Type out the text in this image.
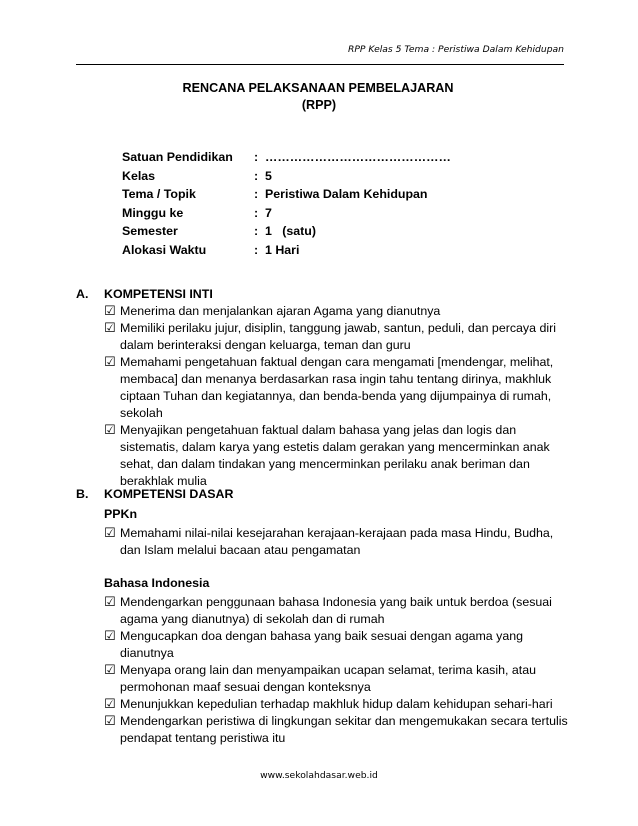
RPP Kelas 5 Tema : Peristiwa Dalam Kehidupan
RENCANA PELAKSANAAN PEMBELAJARAN
(RPP)
Satuan Pendidikan	: ………………………………………
Kelas	: 5
Tema / Topik	: Peristiwa Dalam Kehidupan
Minggu ke	: 7
Semester	: 1   (satu)
Alokasi Waktu	: 1 Hari
A. KOMPETENSI INTI
☑ Menerima dan menjalankan ajaran Agama yang dianutnya
☑ Memiliki perilaku jujur, disiplin, tanggung jawab, santun, peduli, dan percaya diri dalam berinteraksi dengan keluarga, teman dan guru
☑ Memahami pengetahuan faktual dengan cara mengamati [mendengar, melihat, membaca] dan menanya berdasarkan rasa ingin tahu tentang dirinya, makhluk ciptaan Tuhan dan kegiatannya, dan benda-benda yang dijumpainya di rumah, sekolah
☑ Menyajikan pengetahuan faktual dalam bahasa yang jelas dan logis dan sistematis, dalam karya yang estetis dalam gerakan yang mencerminkan anak sehat, dan dalam tindakan yang mencerminkan perilaku anak beriman dan berakhlak mulia
B. KOMPETENSI DASAR
PPKn
☑ Memahami nilai-nilai kesejarahan kerajaan-kerajaan pada masa Hindu, Budha, dan Islam melalui bacaan atau pengamatan
Bahasa Indonesia
☑ Mendengarkan penggunaan bahasa Indonesia yang baik untuk berdoa (sesuai agama yang dianutnya) di sekolah dan di rumah
☑ Mengucapkan doa dengan bahasa yang baik sesuai dengan agama yang dianutnya
☑ Menyapa orang lain dan menyampaikan ucapan selamat, terima kasih, atau permohonan maaf sesuai dengan konteksnya
☑ Menunjukkan kepedulian terhadap makhluk hidup dalam kehidupan sehari-hari
☑ Mendengarkan peristiwa di lingkungan sekitar dan mengemukakan secara tertulis pendapat tentang peristiwa itu
www.sekolahdasar.web.id
